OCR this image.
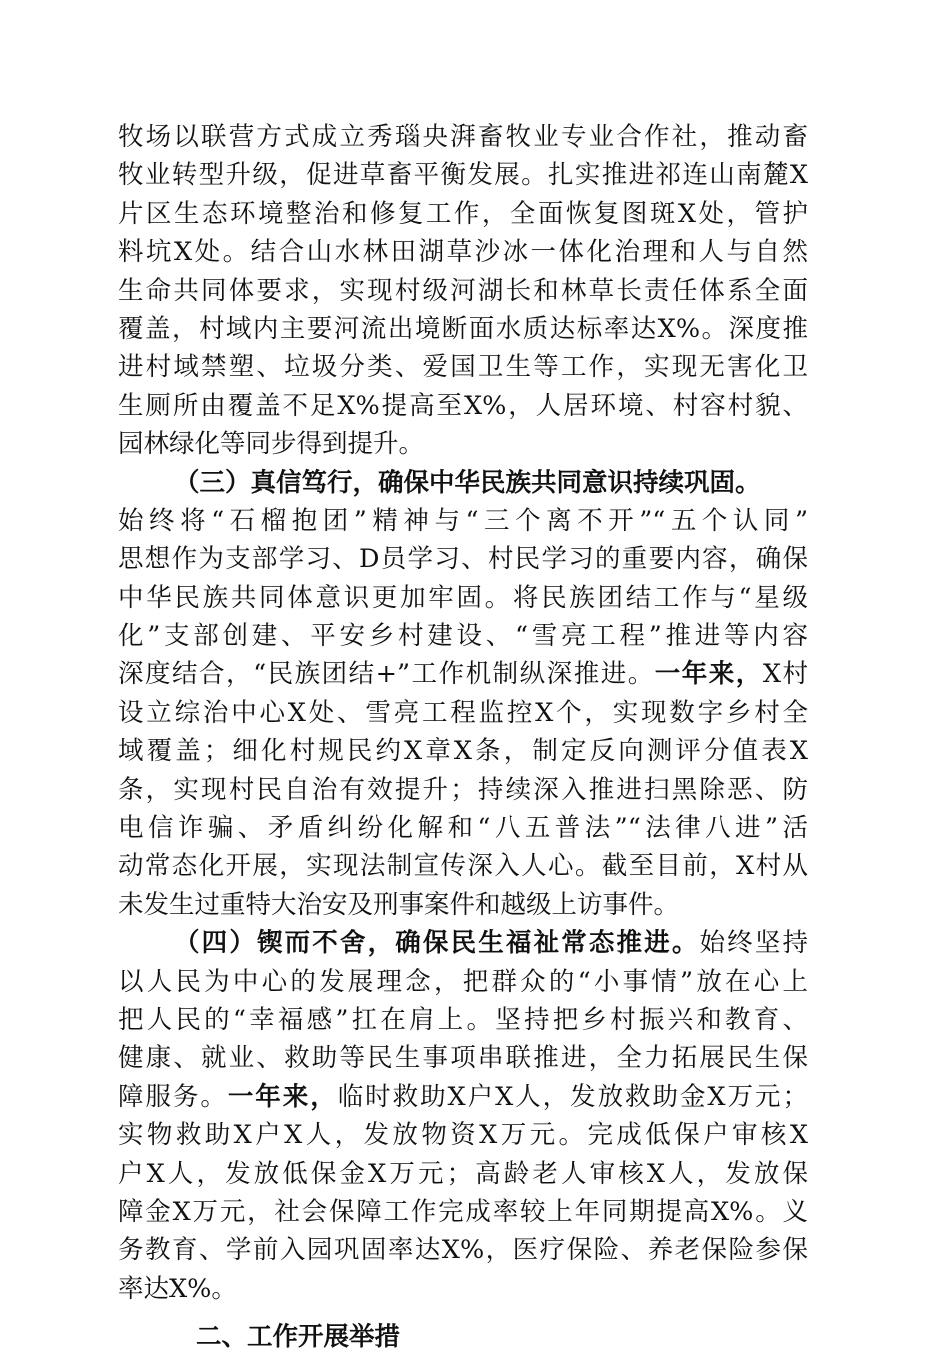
牧场以联营方式成立秀瑙央湃畜牧业专业合作社，推动畜
牧业转型升级，促进草畜平衡发展。扎实推进祁连山南麓X
片区生态环境整治和修复工作，全面恢复图斑X处，管护
料坑X处。结合山水林田湖草沙冰一体化治理和人与自然
生命共同体要求，实现村级河湖长和林草长责任体系全面
覆盖，村域内主要河流出境断面水质达标率达X%。深度推
进村域禁塑、垃圾分类、爱国卫生等工作，实现无害化卫
生厕所由覆盖不足X%提高至X%，人居环境、村容村貌、
园林绿化等同步得到提升。
（三）真信笃行，确保中华民族共同意识持续巩固。
始终将“石榴抱团”精神与“三个离不开”“五个认同”
思想作为支部学习、D员学习、村民学习的重要内容，确保
中华民族共同体意识更加牢固。将民族团结工作与“星级
化”支部创建、平安乡村建设、“雪亮工程”推进等内容
深度结合，“民族团结+”工作机制纵深推进。一年来，X村
设立综治中心X处、雪亮工程监控X个，实现数字乡村全
域覆盖；细化村规民约X章X条，制定反向测评分值表X
条，实现村民自治有效提升；持续深入推进扫黑除恶、防
电信诈骗、矛盾纠纷化解和“八五普法”“法律八进”活
动常态化开展，实现法制宣传深入人心。截至目前，X村从
未发生过重特大治安及刑事案件和越级上访事件。
（四）锲而不舍，确保民生福祉常态推进。始终坚持
以人民为中心的发展理念，把群众的“小事情”放在心上
把人民的“幸福感”扛在肩上。坚持把乡村振兴和教育、
健康、就业、救助等民生事项串联推进，全力拓展民生保
障服务。一年来，临时救助X户X人，发放救助金X万元；
实物救助X户X人，发放物资X万元。完成低保户审核X
户X人，发放低保金X万元；高龄老人审核X人，发放保
障金X万元，社会保障工作完成率较上年同期提高X%。义
务教育、学前入园巩固率达X%，医疗保险、养老保险参保
率达X%。
二、工作开展举措
